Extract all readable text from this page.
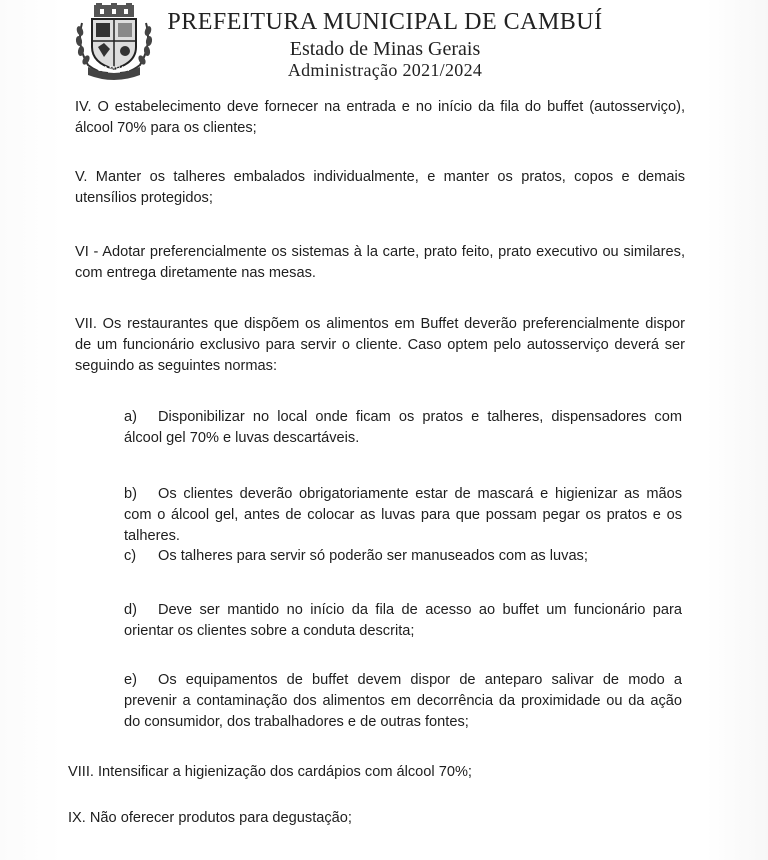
CAMBUÍ
PREFEITURA MUNICIPAL DE CAMBUÍ
Estado de Minas Gerais
Administração 2021/2024
IV. O estabelecimento deve fornecer na entrada e no início da fila do buffet (autosserviço), álcool 70% para os clientes;
V. Manter os talheres embalados individualmente, e manter os pratos, copos e demais utensílios protegidos;
VI - Adotar preferencialmente os sistemas à la carte, prato feito, prato executivo ou similares, com entrega diretamente nas mesas.
VII. Os restaurantes que dispõem os alimentos em Buffet deverão preferencialmente dispor de um funcionário exclusivo para servir o cliente. Caso optem pelo autosserviço deverá ser seguindo as seguintes normas:
a) Disponibilizar no local onde ficam os pratos e talheres, dispensadores com álcool gel 70% e luvas descartáveis.
b) Os clientes deverão obrigatoriamente estar de mascará e higienizar as mãos com o álcool gel, antes de colocar as luvas para que possam pegar os pratos e os talheres.
c) Os talheres para servir só poderão ser manuseados com as luvas;
d) Deve ser mantido no início da fila de acesso ao buffet um funcionário para orientar os clientes sobre a conduta descrita;
e) Os equipamentos de buffet devem dispor de anteparo salivar de modo a prevenir a contaminação dos alimentos em decorrência da proximidade ou da ação do consumidor, dos trabalhadores e de outras fontes;
VIII. Intensificar a higienização dos cardápios com álcool 70%;
IX. Não oferecer produtos para degustação;
